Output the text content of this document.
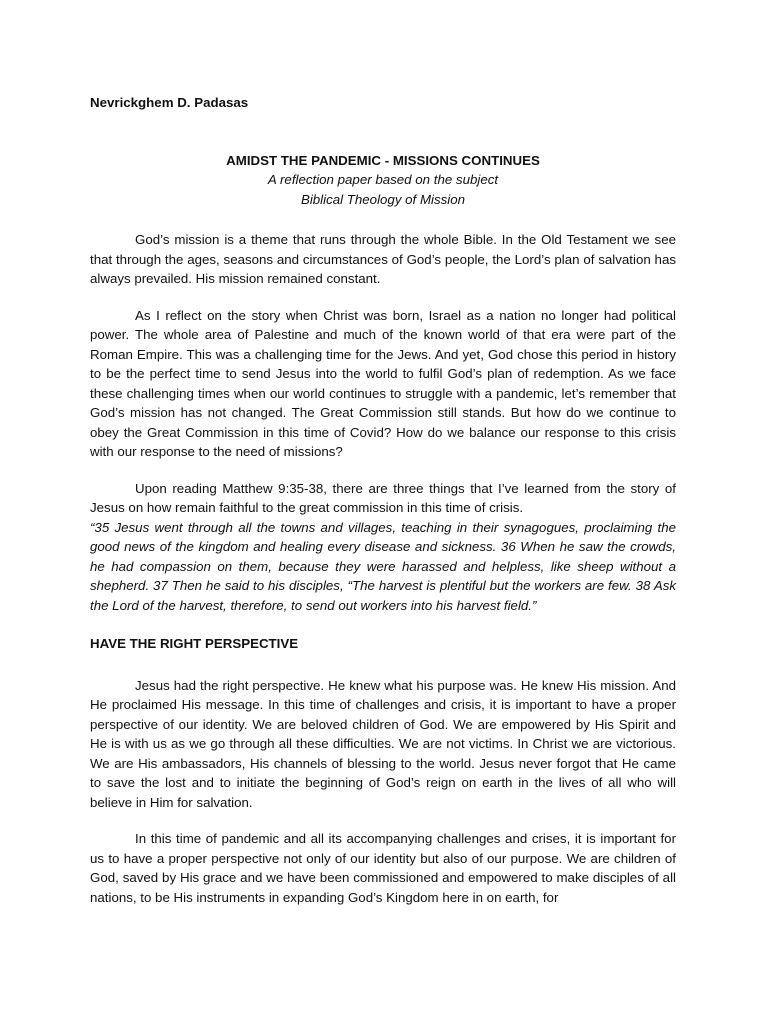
Nevrickghem D. Padasas
AMIDST THE PANDEMIC - MISSIONS CONTINUES
A reflection paper based on the subject
Biblical Theology of Mission

God’s mission is a theme that runs through the whole Bible. In the Old Testament we see that through the ages, seasons and circumstances of God’s people, the Lord’s plan of salvation has always prevailed. His mission remained constant.

As I reflect on the story when Christ was born, Israel as a nation no longer had political power. The whole area of Palestine and much of the known world of that era were part of the Roman Empire. This was a challenging time for the Jews. And yet, God chose this period in history to be the perfect time to send Jesus into the world to fulfil God’s plan of redemption. As we face these challenging times when our world continues to struggle with a pandemic, let’s remember that God’s mission has not changed. The Great Commission still stands. But how do we continue to obey the Great Commission in this time of Covid? How do we balance our response to this crisis with our response to the need of missions?

Upon reading Matthew 9:35-38, there are three things that I’ve learned from the story of Jesus on how remain faithful to the great commission in this time of crisis.

“35 Jesus went through all the towns and villages, teaching in their synagogues, proclaiming the good news of the kingdom and healing every disease and sickness. 36 When he saw the crowds, he had compassion on them, because they were harassed and helpless, like sheep without a shepherd. 37 Then he said to his disciples, “The harvest is plentiful but the workers are few. 38 Ask the Lord of the harvest, therefore, to send out workers into his harvest field.”
HAVE THE RIGHT PERSPECTIVE

Jesus had the right perspective. He knew what his purpose was. He knew His mission. And He proclaimed His message. In this time of challenges and crisis, it is important to have a proper perspective of our identity. We are beloved children of God. We are empowered by His Spirit and He is with us as we go through all these difficulties. We are not victims. In Christ we are victorious. We are His ambassadors, His channels of blessing to the world. Jesus never forgot that He came to save the lost and to initiate the beginning of God’s reign on earth in the lives of all who will believe in Him for salvation.

In this time of pandemic and all its accompanying challenges and crises, it is important for us to have a proper perspective not only of our identity but also of our purpose. We are children of God, saved by His grace and we have been commissioned and empowered to make disciples of all nations, to be His instruments in expanding God’s Kingdom here in on earth, for
